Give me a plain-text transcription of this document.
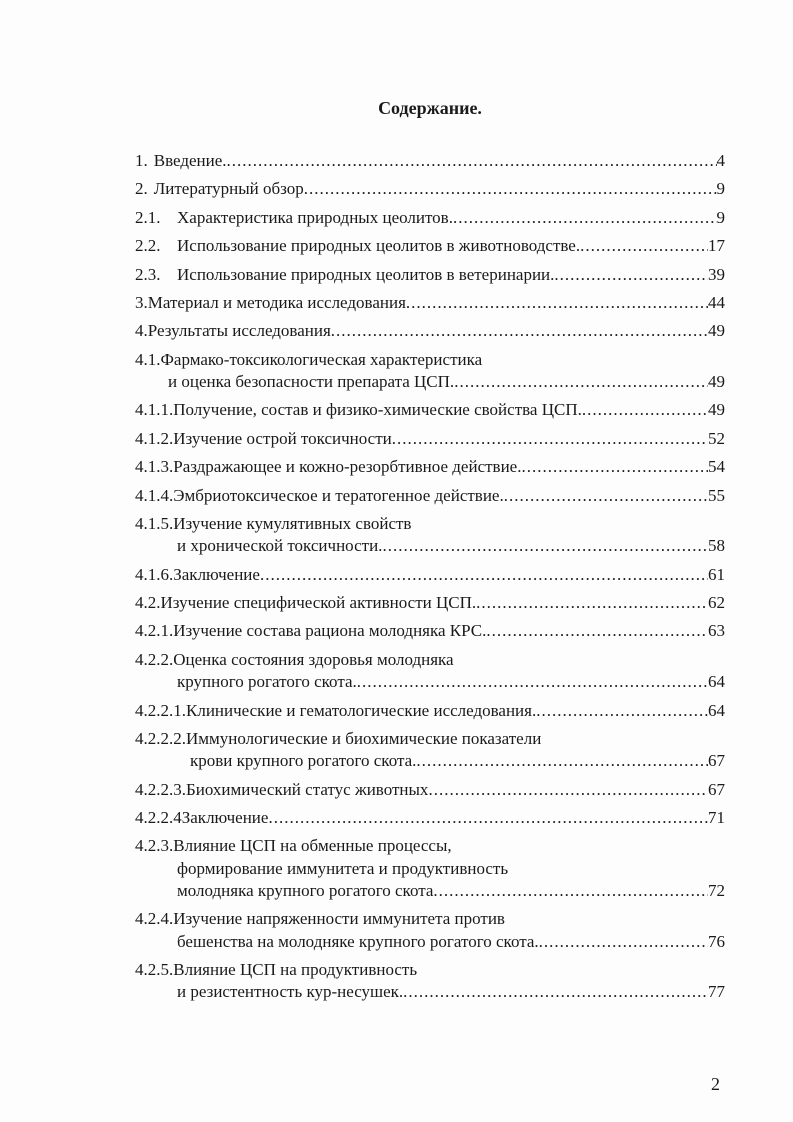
Содержание.
1. Введение. .....	4
2. Литературный обзор .....	9
2.1. Характеристика природных цеолитов. .....	9
2.2. Использование природных цеолитов в животноводстве. .....	17
2.3. Использование природных цеолитов в ветеринарии. .....	39
3. Материал и методика исследования .....	44
4. Результаты исследования .....	49
4.1. Фармако-токсикологическая характеристика
и оценка безопасности препарата ЦСП. .....	49
4.1.1. Получение, состав и физико-химические свойства ЦСП. .....	49
4.1.2. Изучение острой токсичности .....	52
4.1.3. Раздражающее и кожно-резорбтивное действие. .....	54
4.1.4. Эмбриотоксическое и тератогенное действие. .....	55
4.1.5. Изучение кумулятивных свойств
и хронической токсичности. .....	58
4.1.6. Заключение .....	61
4.2. Изучение специфической активности ЦСП. .....	62
4.2.1. Изучение состава рациона молодняка КРС. .....	63
4.2.2. Оценка состояния здоровья молодняка
крупного рогатого скота. .....	64
4.2.2.1. Клинические и гематологические исследования. .....	64
4.2.2.2. Иммунологические и биохимические показатели
крови крупного рогатого скота. .....	67
4.2.2.3. Биохимический статус животных .....	67
4.2.2.4 Заключение .....	71
4.2.3. Влияние ЦСП на обменные процессы,
формирование иммунитета и продуктивность
молодняка крупного рогатого скота .....	72
4.2.4. Изучение напряженности иммунитета против
бешенства на молодняке крупного рогатого скота. .....	76
4.2.5. Влияние ЦСП на продуктивность
и резистентность кур-несушек. .....	77
2
